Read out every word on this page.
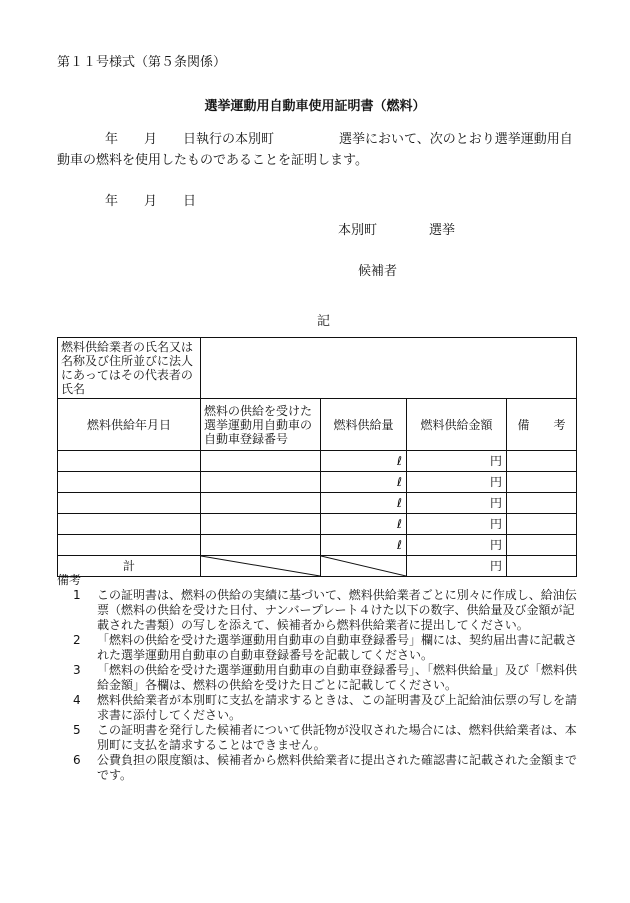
第１１号様式（第５条関係）
選挙運動用自動車使用証明書（燃料）
年　　月　　日執行の本別町　　　　　選挙において、次のとおり選挙運動用自
動車の燃料を使用したものであることを証明します。
年　　月　　日
本別町　　　　選挙
候補者
記
燃料供給業者の氏名又は名称及び住所並びに法人にあってはその代表者の氏名				
燃料供給年月日	燃料の供給を受けた選挙運動用自動車の自動車登録番号	燃料供給量	燃料供給金額	備　　考
		ℓ	円	
		ℓ	円	
		ℓ	円	
		ℓ	円	
		ℓ	円	
計			円	
備考
1 この証明書は、燃料の供給の実績に基づいて、燃料供給業者ごとに別々に作成し、給油伝票（燃料の供給を受けた日付、ナンバープレート４けた以下の数字、供給量及び金額が記載された書類）の写しを添えて、候補者から燃料供給業者に提出してください。
2 「燃料の供給を受けた選挙運動用自動車の自動車登録番号」欄には、契約届出書に記載された選挙運動用自動車の自動車登録番号を記載してください。
3 「燃料の供給を受けた選挙運動用自動車の自動車登録番号」、「燃料供給量」及び「燃料供給金額」各欄は、燃料の供給を受けた日ごとに記載してください。
4 燃料供給業者が本別町に支払を請求するときは、この証明書及び上記給油伝票の写しを請求書に添付してください。
5 この証明書を発行した候補者について供託物が没収された場合には、燃料供給業者は、本別町に支払を請求することはできません。
6 公費負担の限度額は、候補者から燃料供給業者に提出された確認書に記載された金額までです。
